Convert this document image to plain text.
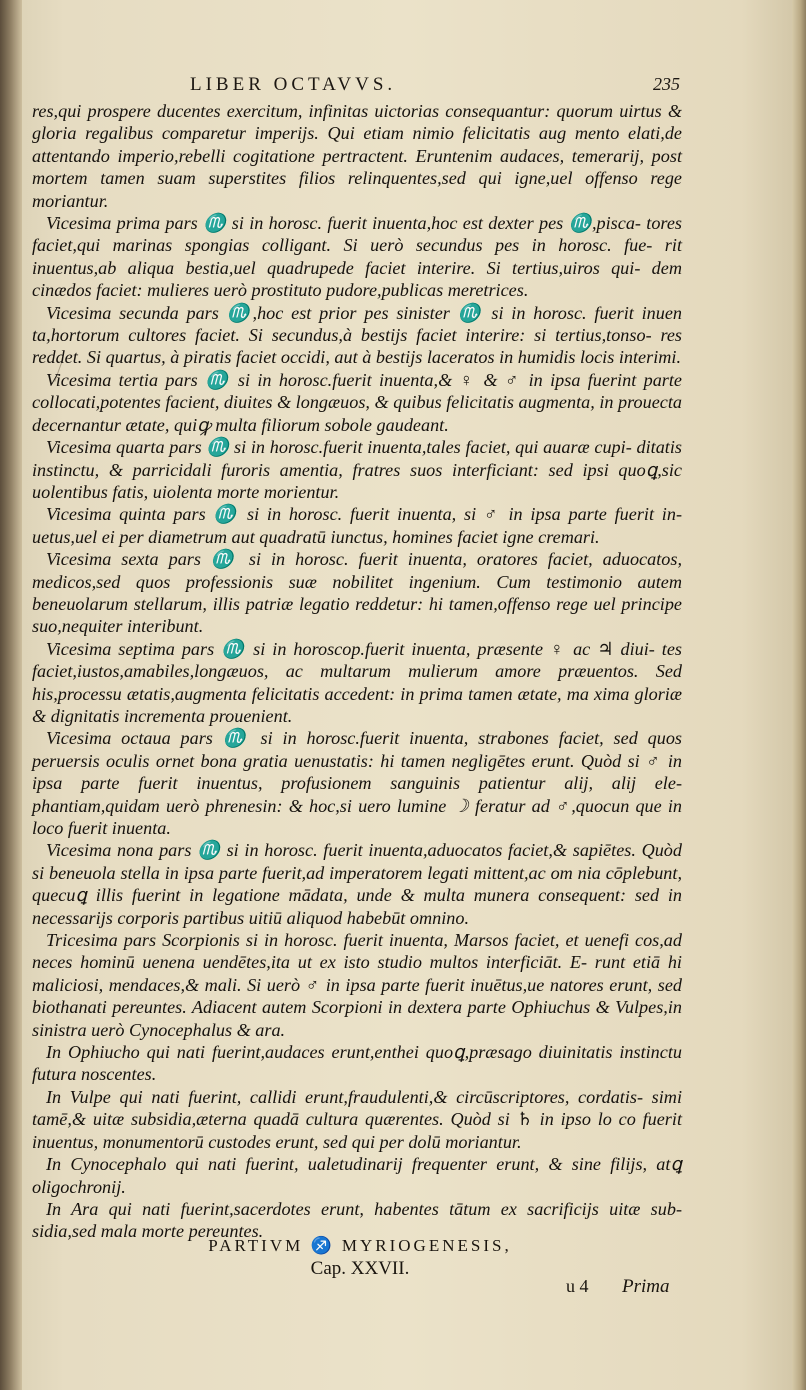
LIBER OCTAVVS.	235

res,qui prospere ducentes exercitum, infinitas uictorias consequantur: quorum uirtus & gloria regalibus comparetur imperijs. Qui etiam nimio felicitatis aug mento elati,de attentando imperio,rebelli cogitatione pertractent. Eruntenim audaces, temerarij, post mortem tamen suam superstites filios relinquentes,sed qui igne,uel offenso rege moriantur.

Vicesima prima pars ♏ si in horosc. fuerit inuenta,hoc est dexter pes ♏,pisca- tores faciet,qui marinas spongias colligant. Si uerò secundus pes in horosc. fue- rit inuentus,ab aliqua bestia,uel quadrupede faciet interire. Si tertius,uiros qui- dem cinædos faciet: mulieres uerò prostituto pudore,publicas meretrices.

Vicesima secunda pars ♏,hoc est prior pes sinister ♏ si in horosc. fuerit inuen ta,hortorum cultores faciet. Si secundus,à bestijs faciet interire: si tertius,tonso- res reddet. Si quartus, à piratis faciet occidi, aut à bestijs laceratos in humidis locis interimi.

Vicesima tertia pars ♏ si in horosc.fuerit inuenta,& ♀ & ♂ in ipsa fuerint parte collocati,potentes facient, diuites & longæuos, & quibus felicitatis augmenta, in prouecta decernantur ætate, quiꝙ multa filiorum sobole gaudeant.

Vicesima quarta pars ♏ si in horosc.fuerit inuenta,tales faciet, qui auaræ cupi- ditatis instinctu, & parricidali furoris amentia, fratres suos interficiant: sed ipsi quoꝗ,sic uolentibus fatis, uiolenta morte morientur.

Vicesima quinta pars ♏ si in horosc. fuerit inuenta, si ♂ in ipsa parte fuerit in- uetus,uel ei per diametrum aut quadratū iunctus, homines faciet igne cremari.

Vicesima sexta pars ♏ si in horosc. fuerit inuenta, oratores faciet, aduocatos, medicos,sed quos professionis suæ nobilitet ingenium. Cum testimonio autem beneuolarum stellarum, illis patriæ legatio reddetur: hi tamen,offenso rege uel principe suo,nequiter interibunt.

Vicesima septima pars ♏ si in horoscop.fuerit inuenta, præsente ♀ ac ♃ diui- tes faciet,iustos,amabiles,longæuos, ac multarum mulierum amore præuentos. Sed his,processu ætatis,augmenta felicitatis accedent: in prima tamen ætate, ma xima gloriæ & dignitatis incrementa prouenient.

Vicesima octaua pars ♏ si in horosc.fuerit inuenta, strabones faciet, sed quos peruersis oculis ornet bona gratia uenustatis: hi tamen negligētes erunt. Quòd si ♂ in ipsa parte fuerit inuentus, profusionem sanguinis patientur alij, alij ele- phantiam,quidam uerò phrenesin: & hoc,si uero lumine ☽ feratur ad ♂,quocun que in loco fuerit inuenta.

Vicesima nona pars ♏ si in horosc. fuerit inuenta,aduocatos faciet,& sapiētes. Quòd si beneuola stella in ipsa parte fuerit,ad imperatorem legati mittent,ac om nia cōplebunt, quecuꝗ illis fuerint in legatione mādata, unde & multa munera consequent: sed in necessarijs corporis partibus uitiū aliquod habebūt omnino.

Tricesima pars Scorpionis si in horosc. fuerit inuenta, Marsos faciet, et uenefi cos,ad neces hominū uenena uendētes,ita ut ex isto studio multos interficiāt. E- runt etiā hi maliciosi, mendaces,& mali. Si uerò ♂ in ipsa parte fuerit inuētus,ue natores erunt, sed biothanati pereuntes. Adiacent autem Scorpioni in dextera parte Ophiuchus & Vulpes,in sinistra uerò Cynocephalus & ara.

In Ophiucho qui nati fuerint,audaces erunt,enthei quoꝗ,præsago diuinitatis instinctu futura noscentes.

In Vulpe qui nati fuerint, callidi erunt,fraudulenti,& circūscriptores, cordatis- simi tamē,& uitæ subsidia,æterna quadā cultura quærentes. Quòd si ♄ in ipso lo co fuerit inuentus, monumentorū custodes erunt, sed qui per dolū moriantur.

In Cynocephalo qui nati fuerint, ualetudinarij frequenter erunt, & sine filijs, atꝗ oligochronij.

In Ara qui nati fuerint,sacerdotes erunt, habentes tātum ex sacrificijs uitæ sub- sidia,sed mala morte pereuntes.

PARTIVM ♐ MYRIOGENESIS,
Cap. XXVII.
u 4 Prima
